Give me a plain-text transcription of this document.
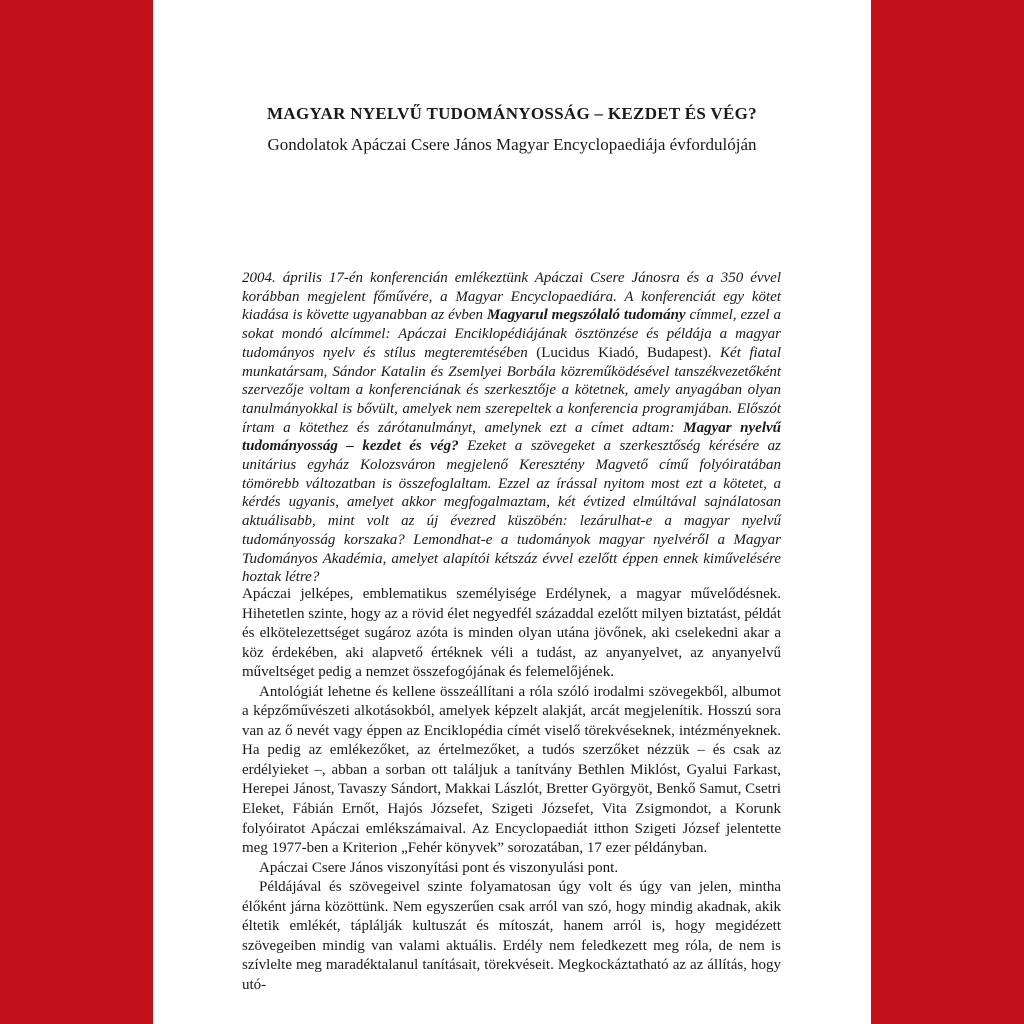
MAGYAR NYELVŰ TUDOMÁNYOSSÁG – KEZDET ÉS VÉG?
Gondolatok Apáczai Csere János Magyar Encyclopaediája évfordulóján

2004. április 17-én konferencián emlékeztünk Apáczai Csere Jánosra és a 350 évvel korábban megjelent főművére, a Magyar Encyclopaediára. A konferenciát egy kötet kiadása is követte ugyanabban az évben Magyarul megszólaló tudomány címmel, ezzel a sokat mondó alcímmel: Apáczai Enciklopédiájának ösztönzése és példája a magyar tudományos nyelv és stílus megteremtésében (Lucidus Kiadó, Budapest). Két fiatal munkatársam, Sándor Katalin és Zsemlyei Borbála közreműködésével tanszékvezetőként szervezője voltam a konferenciának és szerkesztője a kötetnek, amely anyagában olyan tanulmányokkal is bővült, amelyek nem szerepeltek a konferencia programjában. Előszót írtam a kötethez és zárótanulmányt, amelynek ezt a címet adtam: Magyar nyelvű tudományosság – kezdet és vég? Ezeket a szövegeket a szerkesztőség kérésére az unitárius egyház Kolozsváron megjelenő Keresztény Magvető című folyóiratában tömörebb változatban is összefoglaltam. Ezzel az írással nyitom most ezt a kötetet, a kérdés ugyanis, amelyet akkor megfogalmaztam, két évtized elmúltával sajnálatosan aktuálisabb, mint volt az új évezred küszöbén: lezárulhat-e a magyar nyelvű tudományosság korszaka? Lemondhat-e a tudományok magyar nyelvéről a Magyar Tudományos Akadémia, amelyet alapítói kétszáz évvel ezelőtt éppen ennek kiművelésére hoztak létre?

Apáczai jelképes, emblematikus személyisége Erdélynek, a magyar művelődésnek. Hihetetlen szinte, hogy az a rövid élet negyedfél századdal ezelőtt milyen biztatást, példát és elkötelezettséget sugároz azóta is minden olyan utána jövőnek, aki cselekedni akar a köz érdekében, aki alapvető értéknek véli a tudást, az anyanyelvet, az anyanyelvű műveltséget pedig a nemzet összefogójának és felemelőjének.

Antológiát lehetne és kellene összeállítani a róla szóló irodalmi szövegekből, albumot a képzőművészeti alkotásokból, amelyek képzelt alakját, arcát megjelenítik. Hosszú sora van az ő nevét vagy éppen az Enciklopédia címét viselő törekvéseknek, intézményeknek. Ha pedig az emlékezőket, az értelmezőket, a tudós szerzőket nézzük – és csak az erdélyieket –, abban a sorban ott találjuk a tanítvány Bethlen Miklóst, Gyalui Farkast, Herepei Jánost, Tavaszy Sándort, Makkai Lászlót, Bretter Györgyöt, Benkő Samut, Csetri Eleket, Fábián Ernőt, Hajós Józsefet, Szigeti Józsefet, Vita Zsigmondot, a Korunk folyóiratot Apáczai emlékszámaival. Az Encyclopaediát itthon Szigeti József jelentette meg 1977-ben a Kriterion „Fehér könyvek” sorozatában, 17 ezer példányban.

Apáczai Csere János viszonyítási pont és viszonyulási pont.

Példájával és szövegeivel szinte folyamatosan úgy volt és úgy van jelen, mintha élőként járna közöttünk. Nem egyszerűen csak arról van szó, hogy mindig akadnak, akik éltetik emlékét, táplálják kultuszát és mítoszát, hanem arról is, hogy megidézett szövegeiben mindig van valami aktuális. Erdély nem feledkezett meg róla, de nem is szívlelte meg maradéktalanul tanításait, törekvéseit. Megkockáztatható az az állítás, hogy utó-
